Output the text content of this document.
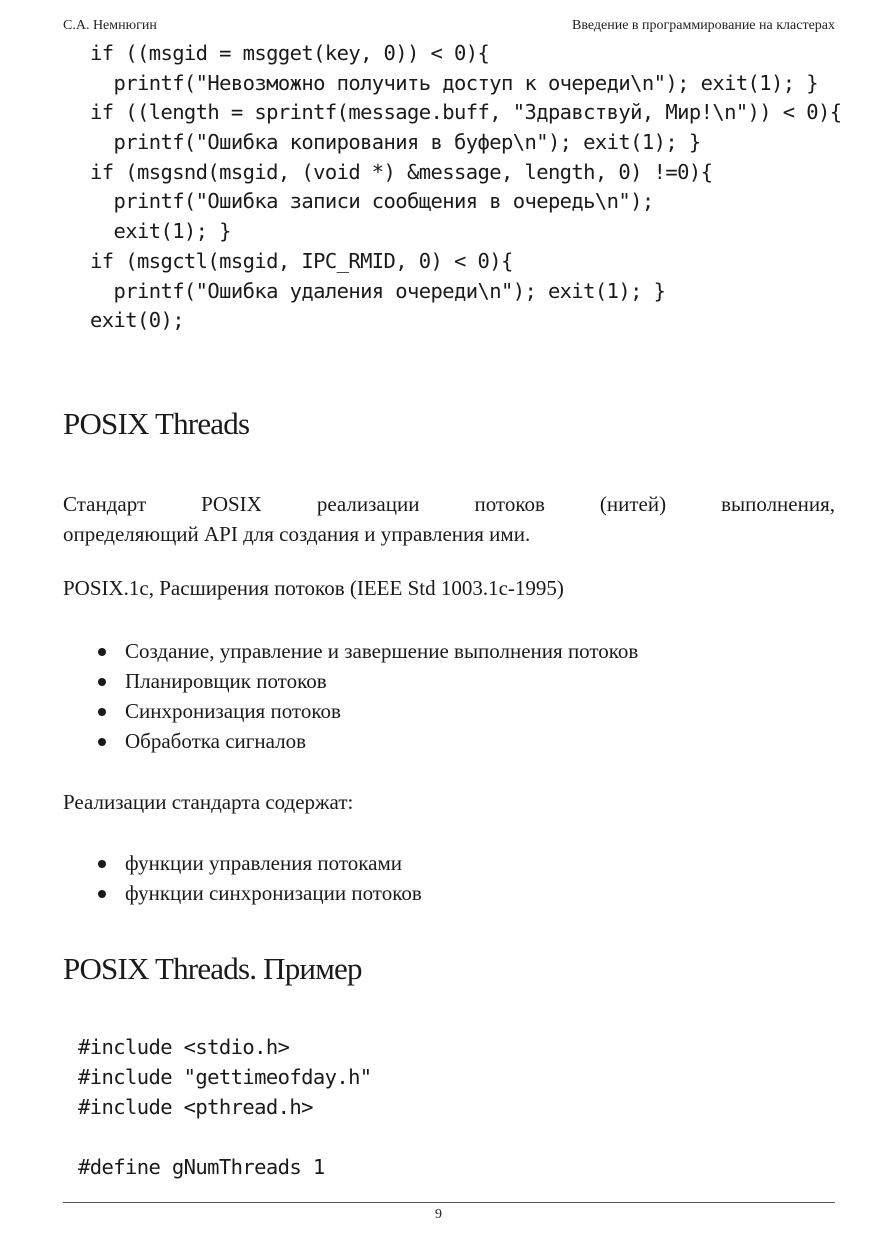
С.А. Немнюгин	Введение в программирование на кластерах
if ((msgid = msgget(key, 0)) < 0){
printf("Невозможно получить доступ к очереди\n"); exit(1); }
if ((length = sprintf(message.buff, "Здравствуй, Мир!\n")) < 0){
printf("Ошибка копирования в буфер\n"); exit(1); }
if (msgsnd(msgid, (void *) &message, length, 0) !=0){
printf("Ошибка записи сообщения в очередь\n");
exit(1); }
if (msgctl(msgid, IPC_RMID, 0) < 0){
printf("Ошибка удаления очереди\n"); exit(1); }
exit(0);
POSIX Threads

Стандарт POSIX реализации потоков (нитей) выполнения,
определяющий API для создания и управления ими.

POSIX.1c, Расширения потоков (IEEE Std 1003.1c-1995)

Создание, управление и завершение выполнения потоков
Планировщик потоков
Синхронизация потоков
Обработка сигналов

Реализации стандарта содержат:

функции управления потоками
функции синхронизации потоков
POSIX Threads. Пример
#include <stdio.h>
#include "gettimeofday.h"
#include <pthread.h>
#define gNumThreads 1
9
